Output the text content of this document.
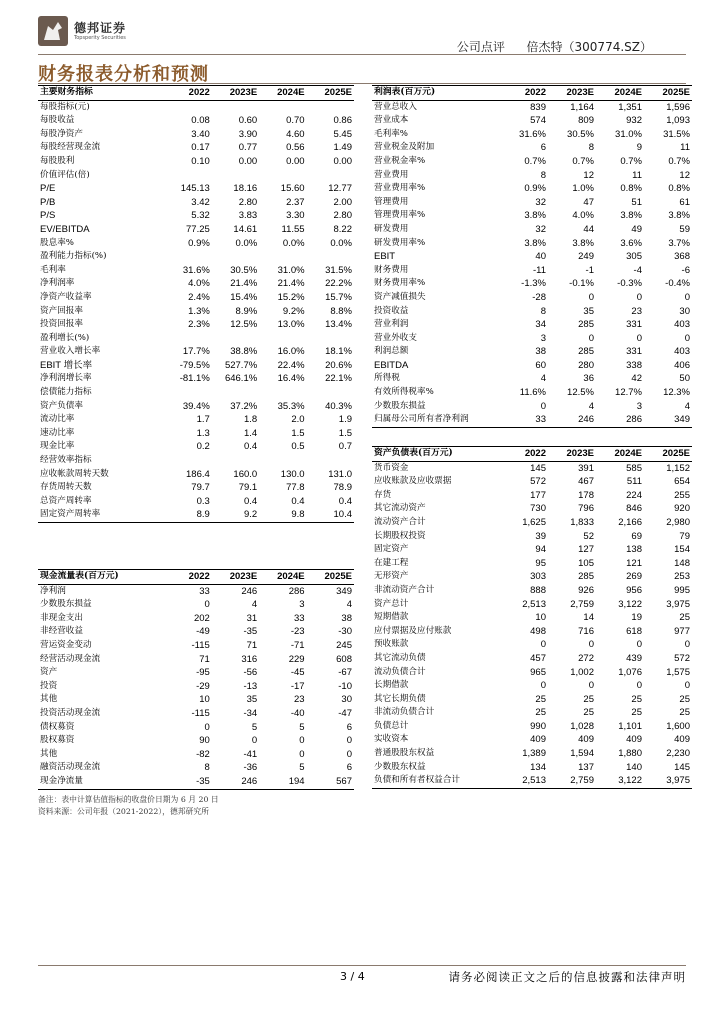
德邦证券
Topsperity Securities
公司点评 倍杰特（300774.SZ）
财务报表分析和预测
主要财务指标	2022	2023E	2024E	2025E
每股指标(元)				
每股收益	0.08	0.60	0.70	0.86
每股净资产	3.40	3.90	4.60	5.45
每股经营现金流	0.17	0.77	0.56	1.49
每股股利	0.10	0.00	0.00	0.00
价值评估(倍)				
P/E	145.13	18.16	15.60	12.77
P/B	3.42	2.80	2.37	2.00
P/S	5.32	3.83	3.30	2.80
EV/EBITDA	77.25	14.61	11.55	8.22
股息率%	0.9%	0.0%	0.0%	0.0%
盈利能力指标(%)				
毛利率	31.6%	30.5%	31.0%	31.5%
净利润率	4.0%	21.4%	21.4%	22.2%
净资产收益率	2.4%	15.4%	15.2%	15.7%
资产回报率	1.3%	8.9%	9.2%	8.8%
投资回报率	2.3%	12.5%	13.0%	13.4%
盈利增长(%)				
营业收入增长率	17.7%	38.8%	16.0%	18.1%
EBIT 增长率	-79.5%	527.7%	22.4%	20.6%
净利润增长率	-81.1%	646.1%	16.4%	22.1%
偿债能力指标				
资产负债率	39.4%	37.2%	35.3%	40.3%
流动比率	1.7	1.8	2.0	1.9
速动比率	1.3	1.4	1.5	1.5
现金比率	0.2	0.4	0.5	0.7
经营效率指标				
应收帐款周转天数	186.4	160.0	130.0	131.0
存货周转天数	79.7	79.1	77.8	78.9
总资产周转率	0.3	0.4	0.4	0.4
固定资产周转率	8.9	9.2	9.8	10.4
利润表(百万元)	2022	2023E	2024E	2025E
营业总收入	839	1,164	1,351	1,596
营业成本	574	809	932	1,093
毛利率%	31.6%	30.5%	31.0%	31.5%
营业税金及附加	6	8	9	11
营业税金率%	0.7%	0.7%	0.7%	0.7%
营业费用	8	12	11	12
营业费用率%	0.9%	1.0%	0.8%	0.8%
管理费用	32	47	51	61
管理费用率%	3.8%	4.0%	3.8%	3.8%
研发费用	32	44	49	59
研发费用率%	3.8%	3.8%	3.6%	3.7%
EBIT	40	249	305	368
财务费用	-11	-1	-4	-6
财务费用率%	-1.3%	-0.1%	-0.3%	-0.4%
资产减值损失	-28	0	0	0
投资收益	8	35	23	30
营业利润	34	285	331	403
营业外收支	3	0	0	0
利润总额	38	285	331	403
EBITDA	60	280	338	406
所得税	4	36	42	50
有效所得税率%	11.6%	12.5%	12.7%	12.3%
少数股东损益	0	4	3	4
归属母公司所有者净利润	33	246	286	349
资产负债表(百万元)	2022	2023E	2024E	2025E
货币资金	145	391	585	1,152
应收账款及应收票据	572	467	511	654
存货	177	178	224	255
其它流动资产	730	796	846	920
流动资产合计	1,625	1,833	2,166	2,980
长期股权投资	39	52	69	79
固定资产	94	127	138	154
在建工程	95	105	121	148
无形资产	303	285	269	253
非流动资产合计	888	926	956	995
资产总计	2,513	2,759	3,122	3,975
短期借款	10	14	19	25
应付票据及应付账款	498	716	618	977
预收账款	0	0	0	0
其它流动负债	457	272	439	572
流动负债合计	965	1,002	1,076	1,575
长期借款	0	0	0	0
其它长期负债	25	25	25	25
非流动负债合计	25	25	25	25
负债总计	990	1,028	1,101	1,600
实收资本	409	409	409	409
普通股股东权益	1,389	1,594	1,880	2,230
少数股东权益	134	137	140	145
负债和所有者权益合计	2,513	2,759	3,122	3,975
现金流量表(百万元)	2022	2023E	2024E	2025E
净利润	33	246	286	349
少数股东损益	0	4	3	4
非现金支出	202	31	33	38
非经营收益	-49	-35	-23	-30
营运资金变动	-115	71	-71	245
经营活动现金流	71	316	229	608
资产	-95	-56	-45	-67
投资	-29	-13	-17	-10
其他	10	35	23	30
投资活动现金流	-115	-34	-40	-47
债权募资	0	5	5	6
股权募资	90	0	0	0
其他	-82	-41	0	0
融资活动现金流	8	-36	5	6
现金净流量	-35	246	194	567
备注：表中计算估值指标的收盘价日期为 6 月 20 日
资料来源：公司年报（2021-2022），德邦研究所
3 / 4	请务必阅读正文之后的信息披露和法律声明
